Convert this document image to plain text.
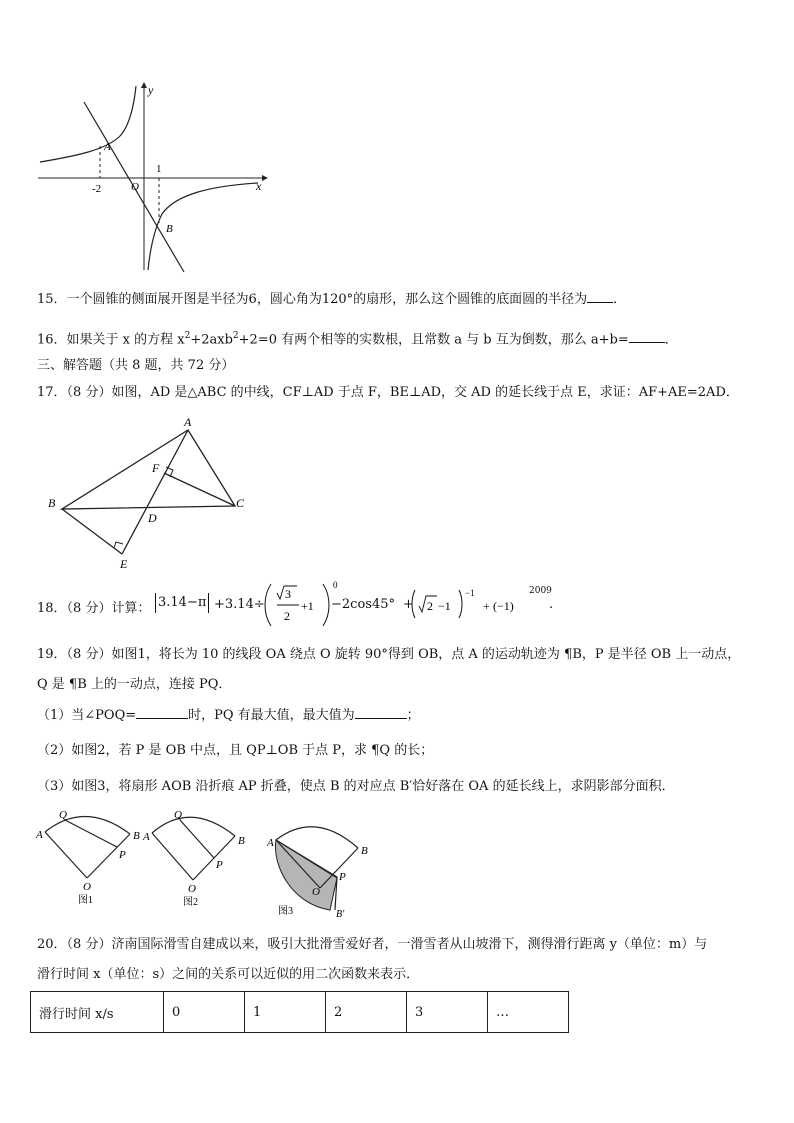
y
x
A
B
O
-2
1
15．一个圆锥的侧面展开图是半径为6，圆心角为120°的扇形，那么这个圆锥的底面圆的半径为 ．
16．如果关于 x 的方程 $x^2+2axb^2+2=0$ 有两个相等的实数根，且常数 a 与 b 互为倒数，那么 a+b=	．
三、解答题（共 8 题，共 72 分）
17．（8 分）如图，AD 是△ABC 的中线，CF⊥AD 于点 F，BE⊥AD，交 AD 的延长线于点 E，求证：AF+AE=2AD．
A
B	C
D
E
F
18．（8 分）计算： 3.14−π +3.14÷
3
2
+1
0
−2cos45° + 2 −1
−1
+ (−1)
2009
.
19．（8 分）如图1，将长为 10 的线段 OA 绕点 O 旋转 90°得到 OB，点 A 的运动轨迹为 ¶B，P 是半径 OB 上一动点，
Q 是 ¶B 上的一动点，连接 PQ．
（1）当∠POQ=	时，PQ 有最大值，最大值为	；
（2）如图2，若 P 是 OB 中点，且 QP⊥OB 于点 P，求 ¶Q 的长；
（3）如图3，将扇形 AOB 沿折痕 AP 折叠，使点 B 的对应点 B′恰好落在 OA 的延长线上，求阴影部分面积．
A	B
Q
P
O
图1
A	B
Q
P
O
图2
A
B
P
O
B′
图3
20．（8 分）济南国际滑雪自建成以来，吸引大批滑雪爱好者，一滑雪者从山坡滑下，测得滑行距离 y（单位：m）与
滑行时间 x（单位：s）之间的关系可以近似的用二次函数来表示．
滑行时间 x/s	0	1	2	3	…
